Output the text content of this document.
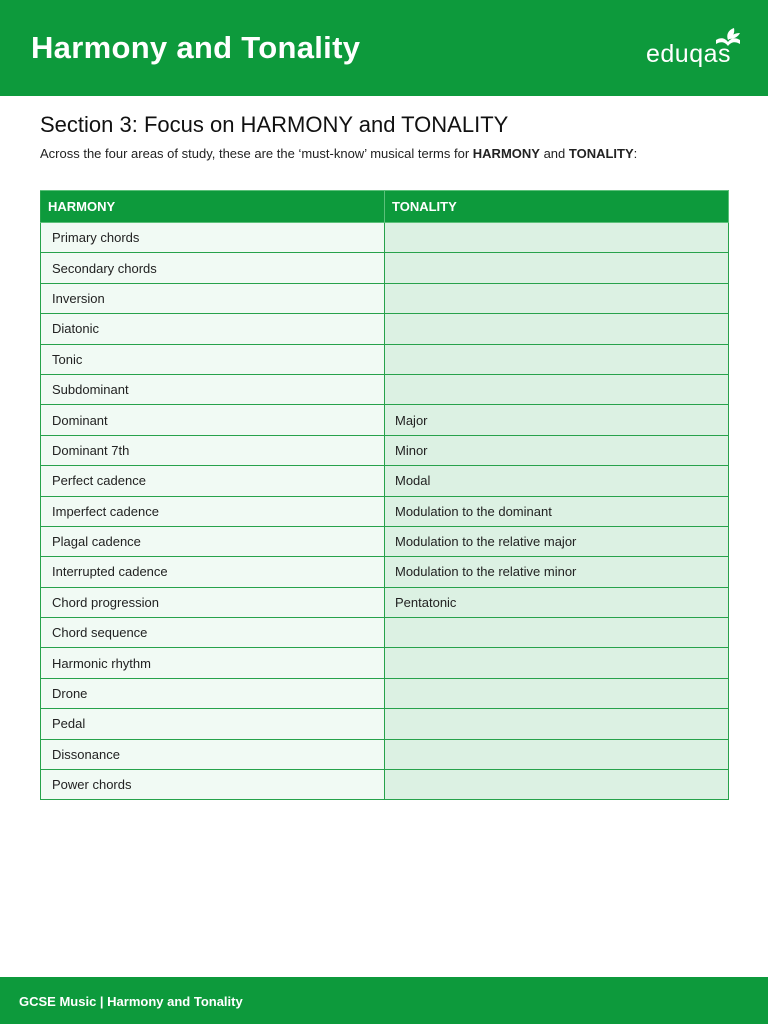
Harmony and Tonality	eduqas
Section 3: Focus on HARMONY and TONALITY
Across the four areas of study, these are the ‘must-know’ musical terms for HARMONY and TONALITY:
HARMONY	TONALITY
Primary chords	
Secondary chords	
Inversion	
Diatonic	
Tonic	
Subdominant	
Dominant	Major
Dominant 7th	Minor
Perfect cadence	Modal
Imperfect cadence	Modulation to the dominant
Plagal cadence	Modulation to the relative major
Interrupted cadence	Modulation to the relative minor
Chord progression	Pentatonic
Chord sequence	
Harmonic rhythm	
Drone	
Pedal	
Dissonance	
Power chords	
GCSE Music | Harmony and Tonality
